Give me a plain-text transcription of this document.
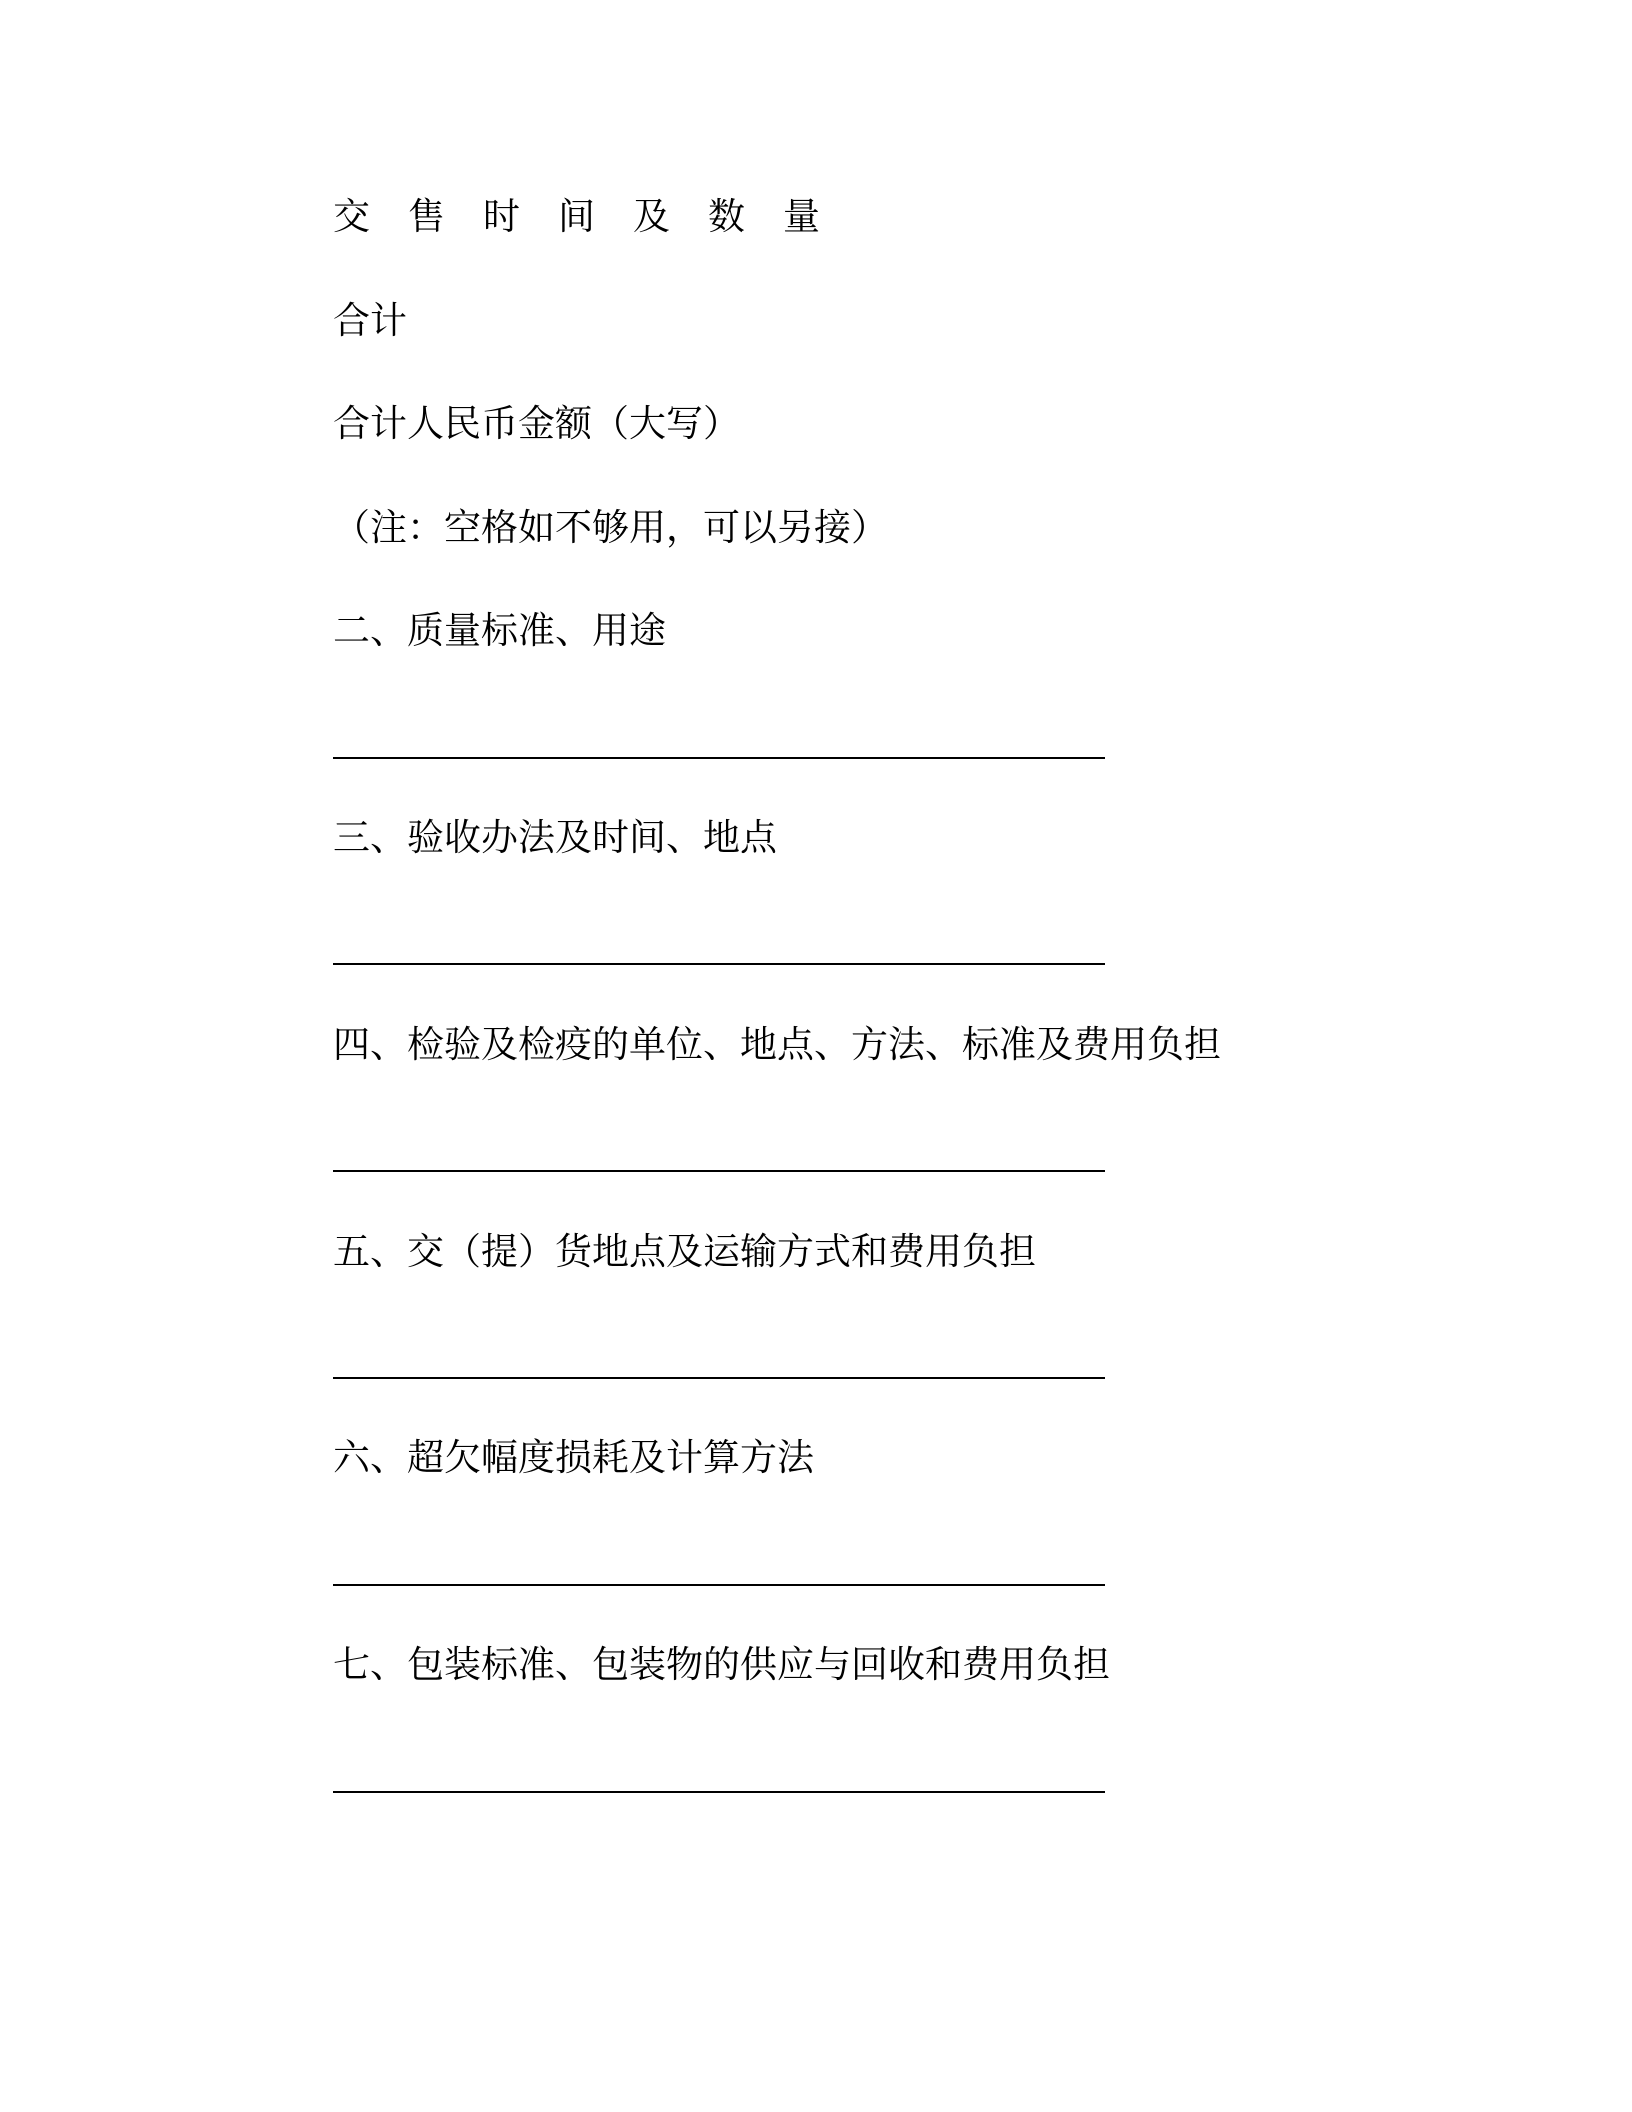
交售时间及数量
合计
合计人民币金额（大写）
（注：空格如不够用，可以另接）
二、质量标准、用途
三、验收办法及时间、地点
四、检验及检疫的单位、地点、方法、标准及费用负担
五、交（提）货地点及运输方式和费用负担
六、超欠幅度损耗及计算方法
七、包装标准、包装物的供应与回收和费用负担
